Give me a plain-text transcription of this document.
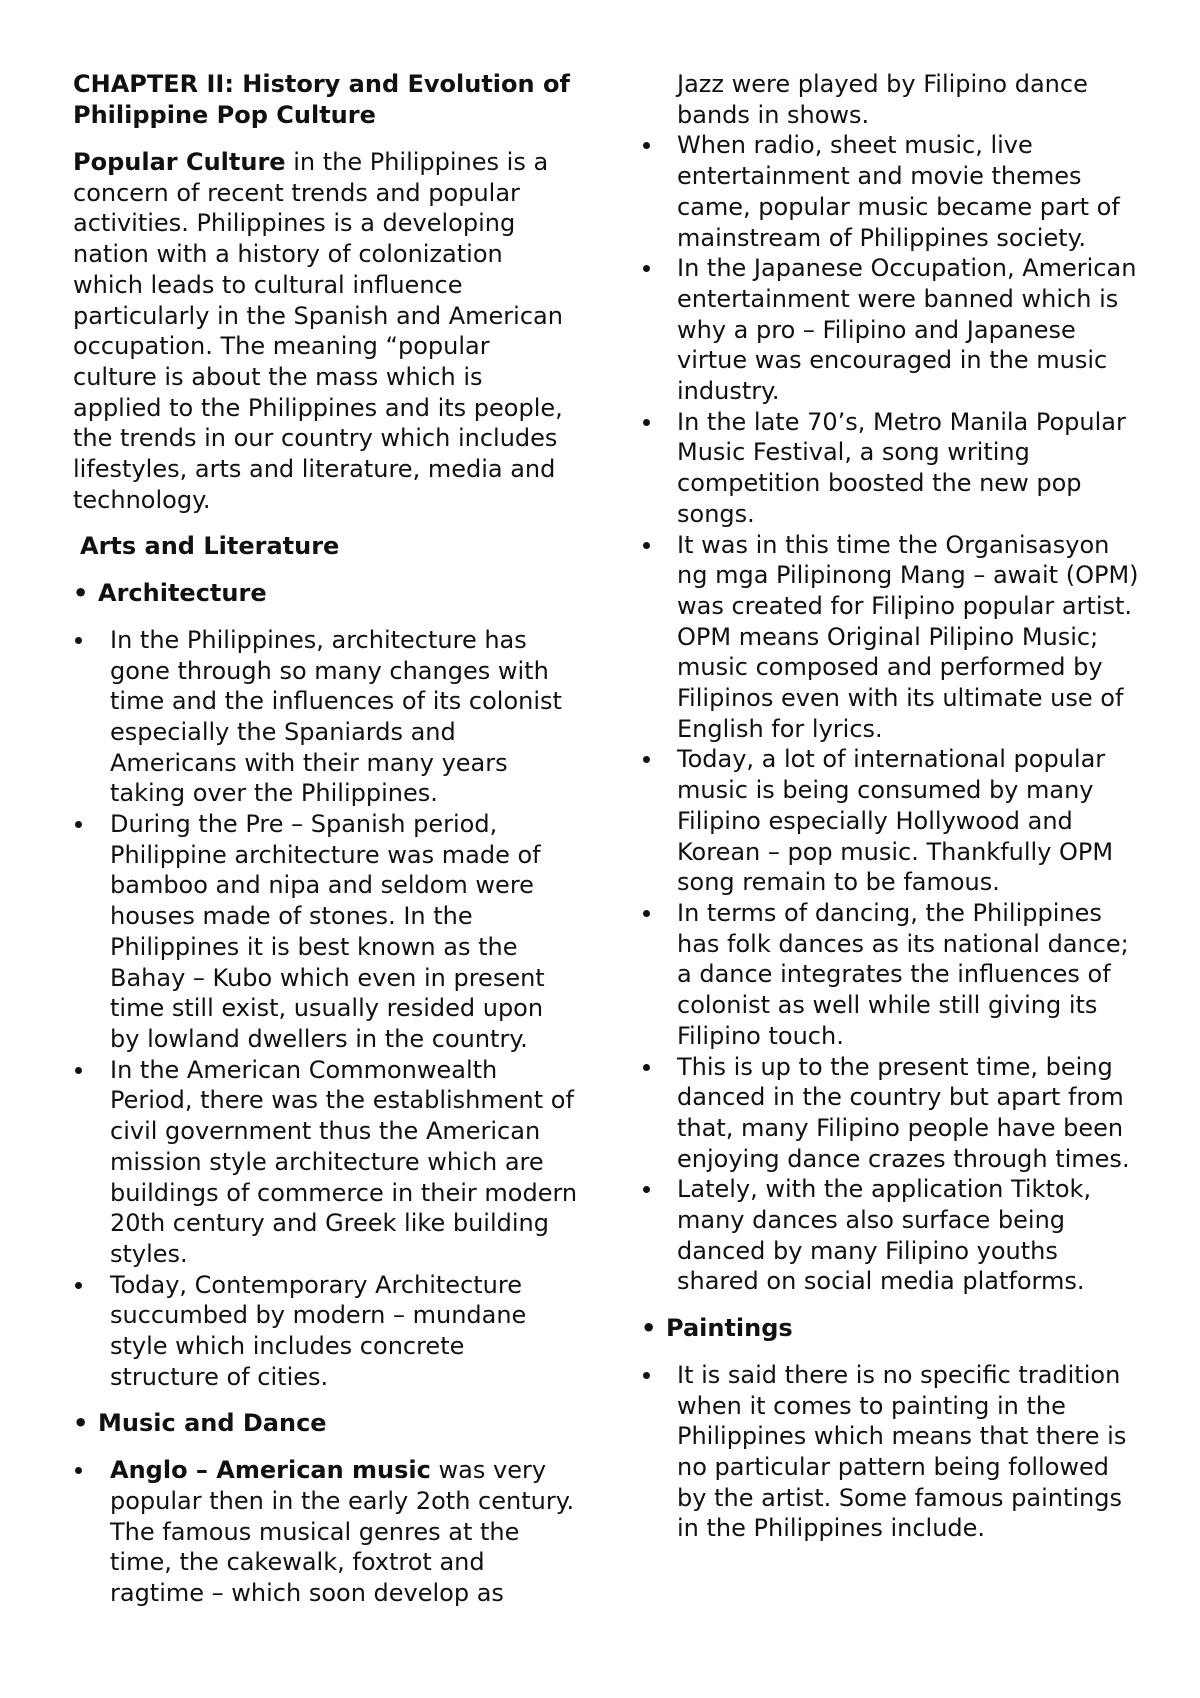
CHAPTER II: History and Evolution of Philippine Pop Culture

Popular Culture in the Philippines is a concern of recent trends and popular activities. Philippines is a developing nation with a history of colonization which leads to cultural influence particularly in the Spanish and American occupation. The meaning “popular culture is about the mass which is applied to the Philippines and its people, the trends in our country which includes lifestyles, arts and literature, media and technology.

Arts and Literature
• Architecture
In the Philippines, architecture has gone through so many changes with time and the influences of its colonist especially the Spaniards and Americans with their many years taking over the Philippines.
During the Pre – Spanish period, Philippine architecture was made of bamboo and nipa and seldom were houses made of stones. In the Philippines it is best known as the Bahay – Kubo which even in present time still exist, usually resided upon by lowland dwellers in the country.
In the American Commonwealth Period, there was the establishment of civil government thus the American mission style architecture which are buildings of commerce in their modern 20th century and Greek like building styles.
Today, Contemporary Architecture succumbed by modern – mundane style which includes concrete structure of cities.
• Music and Dance
Anglo – American music was very popular then in the early 2oth century. The famous musical genres at the time, the cakewalk, foxtrot and ragtime – which soon develop as

Jazz were played by Filipino dance bands in shows.

When radio, sheet music, live entertainment and movie themes came, popular music became part of mainstream of Philippines society.
In the Japanese Occupation, American entertainment were banned which is why a pro – Filipino and Japanese virtue was encouraged in the music industry.
In the late 70’s, Metro Manila Popular Music Festival, a song writing competition boosted the new pop songs.
It was in this time the Organisasyon ng mga Pilipinong Mang – await (OPM) was created for Filipino popular artist. OPM means Original Pilipino Music; music composed and performed by Filipinos even with its ultimate use of English for lyrics.
Today, a lot of international popular music is being consumed by many Filipino especially Hollywood and Korean – pop music. Thankfully OPM song remain to be famous.
In terms of dancing, the Philippines has folk dances as its national dance; a dance integrates the influences of colonist as well while still giving its Filipino touch.
This is up to the present time, being danced in the country but apart from that, many Filipino people have been enjoying dance crazes through times.
Lately, with the application Tiktok, many dances also surface being danced by many Filipino youths shared on social media platforms.
• Paintings
It is said there is no specific tradition when it comes to painting in the Philippines which means that there is no particular pattern being followed by the artist. Some famous paintings in the Philippines include.
